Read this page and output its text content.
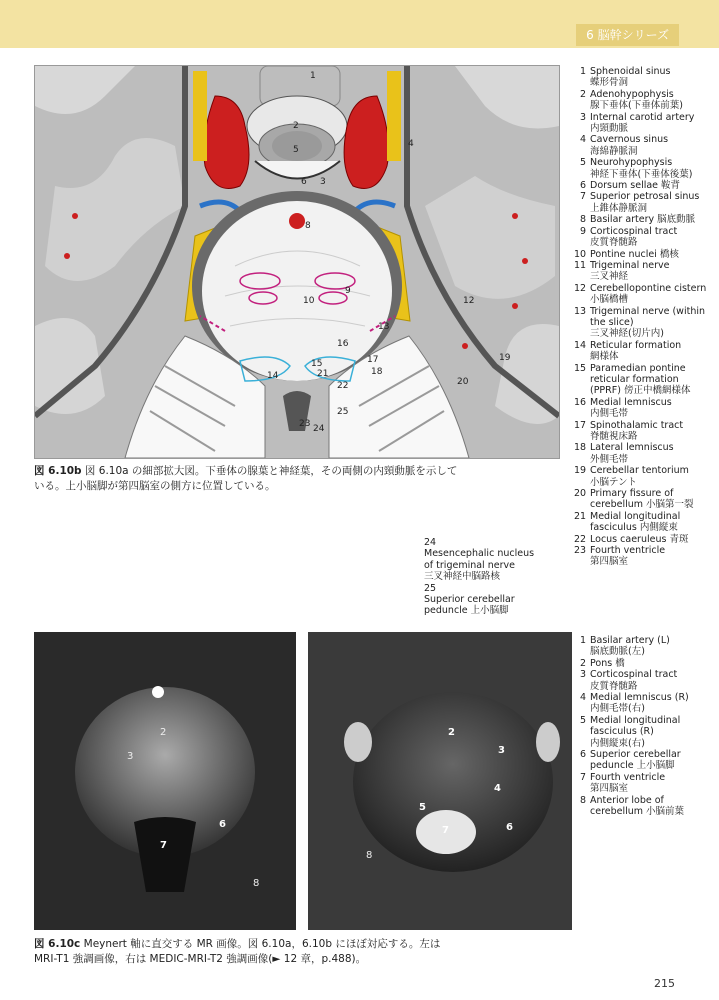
6 脳幹シリーズ
1
2
3
4
5
6
8
9
10	12
13
14
15
16
17
18
19
20
21
22
23 24
25
1 Sphenoidal sinus
蝶形骨洞
2 Adenohypophysis
腺下垂体(下垂体前葉)
3 Internal carotid artery
内頸動脈
4 Cavernous sinus
海綿静脈洞
5 Neurohypophysis
神経下垂体(下垂体後葉)
6 Dorsum sellae 鞍背
7 Superior petrosal sinus
上錐体静脈洞
8 Basilar artery 脳底動脈
9 Corticospinal tract
皮質脊髄路
10 Pontine nuclei 橋核
11 Trigeminal nerve
三叉神経
12 Cerebellopontine cistern
小脳橋槽
13 Trigeminal nerve (within
the slice)
三叉神経(切片内)
14 Reticular formation
網様体
15 Paramedian pontine
reticular formation
(PPRF) 傍正中橋網様体
16 Medial lemniscus
内側毛帯
17 Spinothalamic tract
脊髄視床路
18 Lateral lemniscus
外側毛帯
19 Cerebellar tentorium
小脳テント
20 Primary fissure of
cerebellum 小脳第一裂
21 Medial longitudinal
fasciculus 内側縦束
22 Locus caeruleus 青斑
23 Fourth ventricle
第四脳室
図 6.10b 図 6.10a の細部拡大図。下垂体の腺葉と神経葉，その両側の内頸動脈を示している。上小脳脚が第四脳室の側方に位置している。
24
Mesencephalic nucleus
of trigeminal nerve
三叉神経中脳路核
25
Superior cerebellar
peduncle 上小脳脚
1
2
3
6
7
8
2
3
4
5
6
7
8
1 Basilar artery (L)
脳底動脈(左)
2 Pons 橋
3 Corticospinal tract
皮質脊髄路
4 Medial lemniscus (R)
内側毛帯(右)
5 Medial longitudinal
fasciculus (R)
内側縦束(右)
6 Superior cerebellar
peduncle 上小脳脚
7 Fourth ventricle
第四脳室
8 Anterior lobe of
cerebellum 小脳前葉
図 6.10c Meynert 軸に直交する MR 画像。図 6.10a，6.10b にほぼ対応する。左は
MRI-T1 強調画像，右は MEDIC-MRI-T2 強調画像(► 12 章，p.488)。
215
